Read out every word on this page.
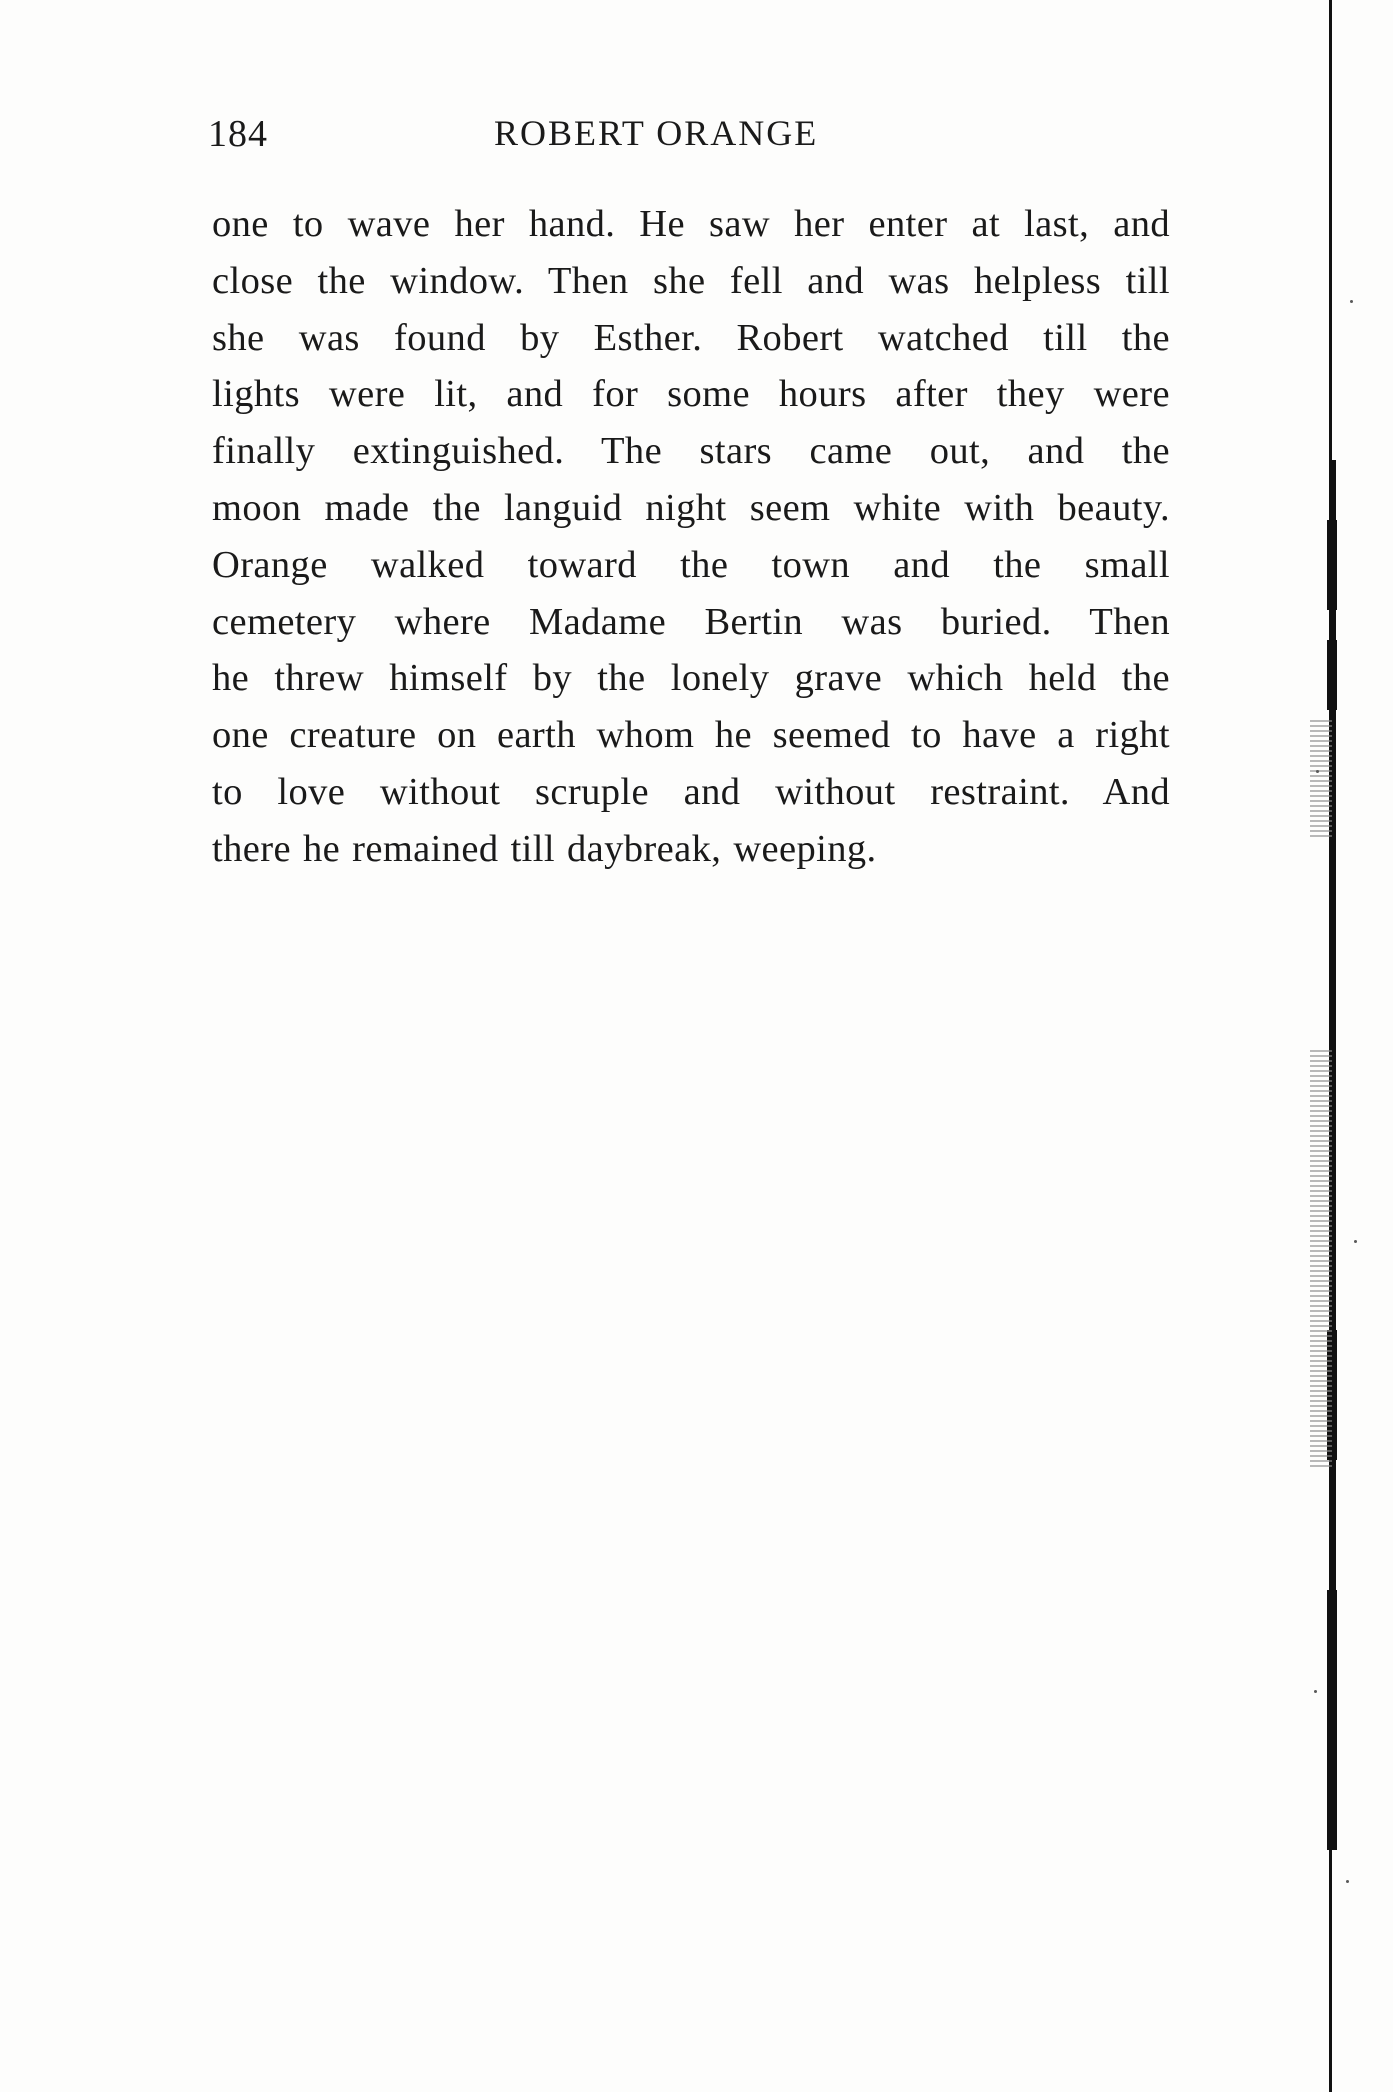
184	ROBERT ORANGE
one to wave her hand. He saw her enter at last, and
close the window. Then she fell and was helpless till
she was found by Esther. Robert watched till the
lights were lit, and for some hours after they were
finally extinguished. The stars came out, and the
moon made the languid night seem white with beauty.
Orange walked toward the town and the small
cemetery where Madame Bertin was buried. Then
he threw himself by the lonely grave which held the
one creature on earth whom he seemed to have a right
to love without scruple and without restraint. And
there he remained till daybreak, weeping.
